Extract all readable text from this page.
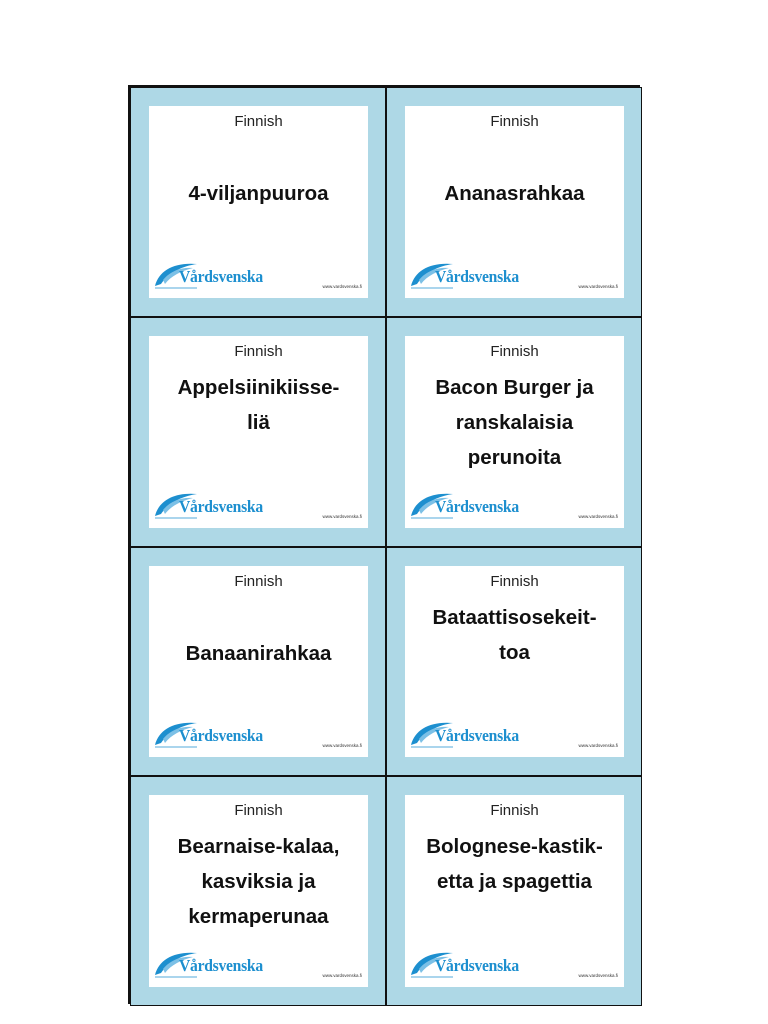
Finnish
4-viljanpuuroa
Vårdsvenska
www.vardsvenska.fi
Finnish
Ananasrahkaa
Vårdsvenska
www.vardsvenska.fi
Finnish
Appelsiinikiisse-
liä
Vårdsvenska
www.vardsvenska.fi
Finnish
Bacon Burger ja
ranskalaisia
perunoita
Vårdsvenska
www.vardsvenska.fi
Finnish
Banaanirahkaa
Vårdsvenska
www.vardsvenska.fi
Finnish
Bataattisosekeit-
toa
Vårdsvenska
www.vardsvenska.fi
Finnish
Bearnaise-kalaa,
kasviksia ja
kermaperunaa
Vårdsvenska
www.vardsvenska.fi
Finnish
Bolognese-kastik-
etta ja spagettia
Vårdsvenska
www.vardsvenska.fi
